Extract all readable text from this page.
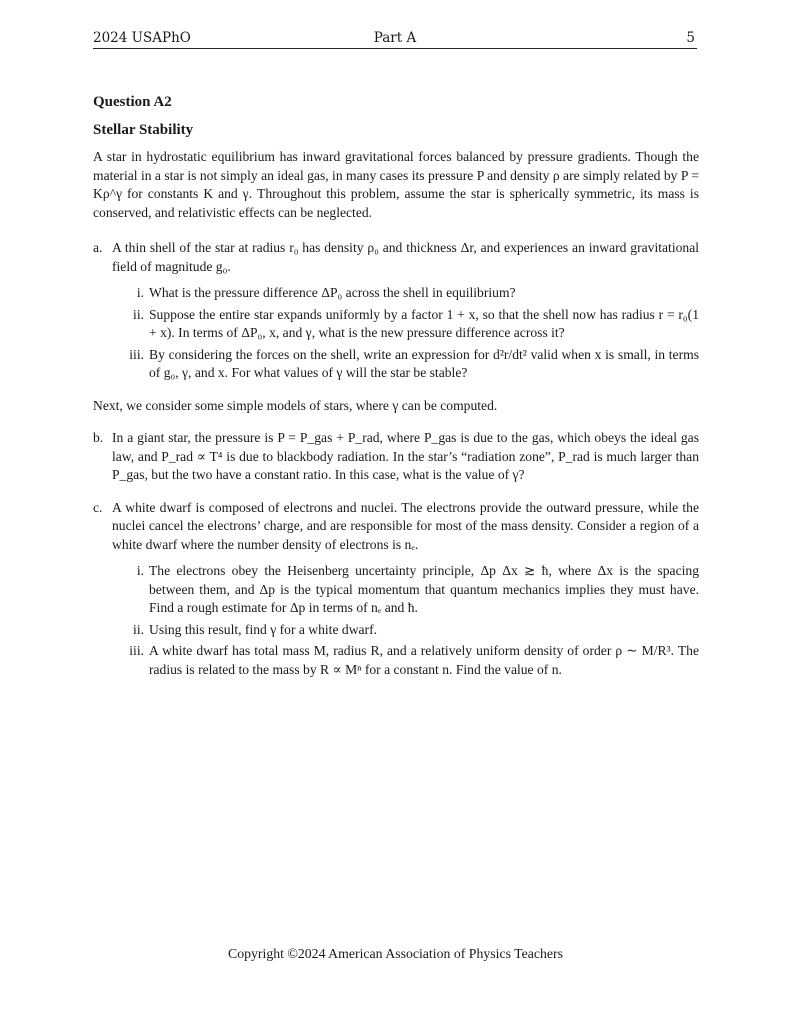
2024 USAPhO	Part A	5
Question A2
Stellar Stability

A star in hydrostatic equilibrium has inward gravitational forces balanced by pressure gradients. Though the material in a star is not simply an ideal gas, in many cases its pressure P and density ρ are simply related by P = Kρ^γ for constants K and γ. Throughout this problem, assume the star is spherically symmetric, its mass is conserved, and relativistic effects can be neglected.

a. A thin shell of the star at radius r₀ has density ρ₀ and thickness Δr, and experiences an inward gravitational field of magnitude g₀.
i. What is the pressure difference ΔP₀ across the shell in equilibrium?
ii. Suppose the entire star expands uniformly by a factor 1 + x, so that the shell now has radius r = r₀(1 + x). In terms of ΔP₀, x, and γ, what is the new pressure difference across it?
iii. By considering the forces on the shell, write an expression for d²r/dt² valid when x is small, in terms of g₀, γ, and x. For what values of γ will the star be stable?

Next, we consider some simple models of stars, where γ can be computed.

b. In a giant star, the pressure is P = P_gas + P_rad, where P_gas is due to the gas, which obeys the ideal gas law, and P_rad ∝ T⁴ is due to blackbody radiation. In the star’s “radiation zone”, P_rad is much larger than P_gas, but the two have a constant ratio. In this case, what is the value of γ?
c. A white dwarf is composed of electrons and nuclei. The electrons provide the outward pressure, while the nuclei cancel the electrons’ charge, and are responsible for most of the mass density. Consider a region of a white dwarf where the number density of electrons is nₑ.
i. The electrons obey the Heisenberg uncertainty principle, Δp Δx ≳ ħ, where Δx is the spacing between them, and Δp is the typical momentum that quantum mechanics implies they must have. Find a rough estimate for Δp in terms of nₑ and ħ.
ii. Using this result, find γ for a white dwarf.
iii. A white dwarf has total mass M, radius R, and a relatively uniform density of order ρ ∼ M/R³. The radius is related to the mass by R ∝ Mⁿ for a constant n. Find the value of n.
Copyright ©2024 American Association of Physics Teachers
